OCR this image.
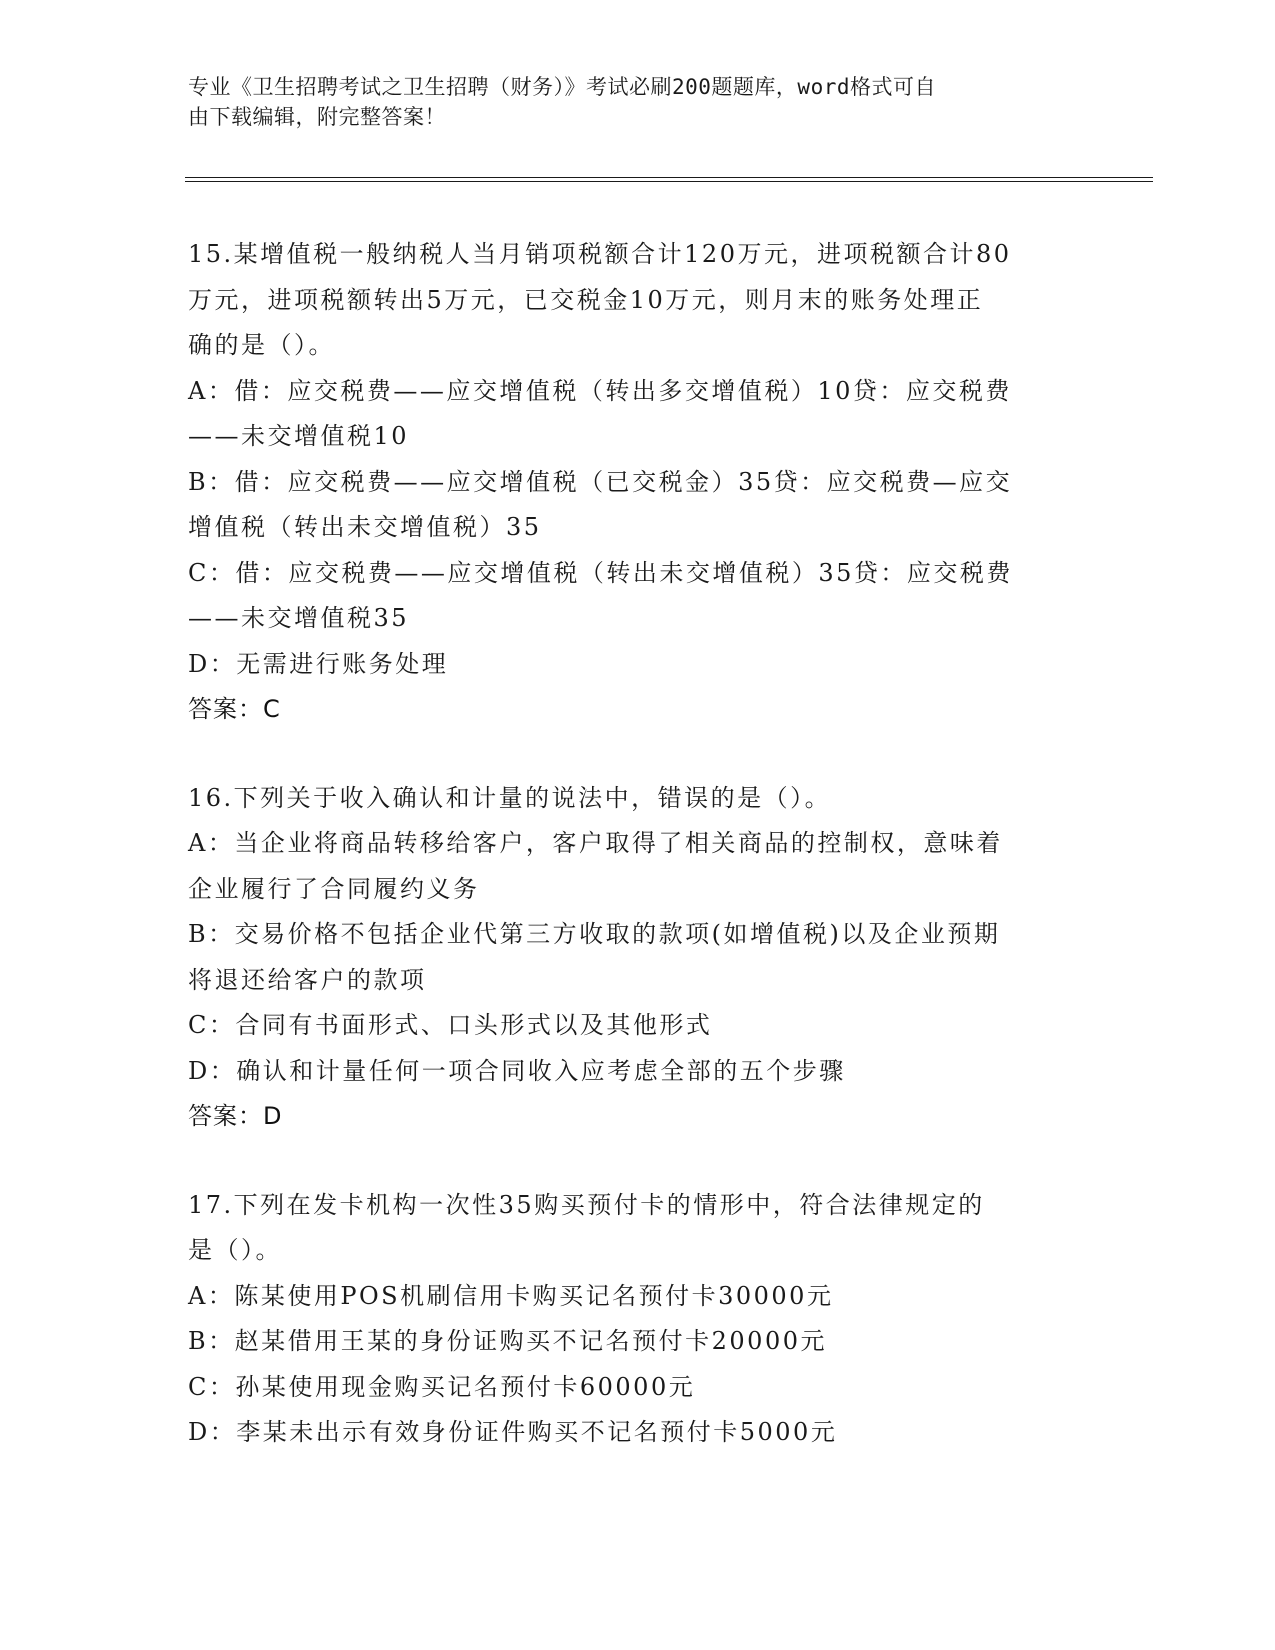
专业《卫生招聘考试之卫生招聘（财务）》考试必刷200题题库，word格式可自
由下载编辑，附完整答案！
15.某增值税一般纳税人当月销项税额合计120万元，进项税额合计80
万元，进项税额转出5万元，已交税金10万元，则月末的账务处理正
确的是（）。
A：借：应交税费——应交增值税（转出多交增值税）10贷：应交税费
——未交增值税10
B：借：应交税费——应交增值税（已交税金）35贷：应交税费—应交
增值税（转出未交增值税）35
C：借：应交税费——应交增值税（转出未交增值税）35贷：应交税费
——未交增值税35
D：无需进行账务处理
答案：C
16.下列关于收入确认和计量的说法中，错误的是（）。
A：当企业将商品转移给客户，客户取得了相关商品的控制权，意味着
企业履行了合同履约义务
B：交易价格不包括企业代第三方收取的款项(如增值税)以及企业预期
将退还给客户的款项
C：合同有书面形式、口头形式以及其他形式
D：确认和计量任何一项合同收入应考虑全部的五个步骤
答案：D
17.下列在发卡机构一次性35购买预付卡的情形中，符合法律规定的
是（）。
A：陈某使用POS机刷信用卡购买记名预付卡30000元
B：赵某借用王某的身份证购买不记名预付卡20000元
C：孙某使用现金购买记名预付卡60000元
D：李某未出示有效身份证件购买不记名预付卡5000元
